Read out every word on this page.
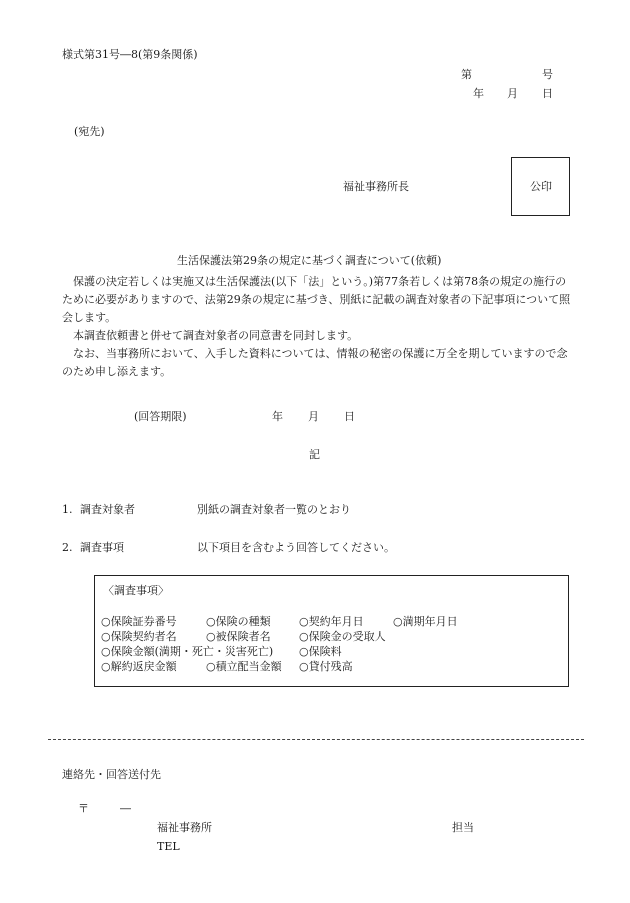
様式第31号―8(第9条関係)
第	号
年 月 日
(宛先)
福祉事務所長	公印
生活保護法第29条の規定に基づく調査について(依頼)
保護の決定若しくは実施又は生活保護法(以下「法」という。)第77条若しくは第78条の規定の施行のために必要がありますので、法第29条の規定に基づき、別紙に記載の調査対象者の下記事項について照会します。
本調査依頼書と併せて調査対象者の同意書を同封します。
なお、当事務所において、入手した資料については、情報の秘密の保護に万全を期していますので念のため申し添えます。
(回答期限)	年 月 日
記
1. 調査対象者	別紙の調査対象者一覧のとおり
2. 調査事項	以下項目を含むよう回答してください。
〈調査事項〉
○保険証券番号	○保険の種類	○契約年月日	○満期年月日
○保険契約者名	○被保険者名	○保険金の受取人
○保険金額(満期・死亡・災害死亡) ○保険料
○解約返戻金額	○積立配当金額 ○貸付残高
連絡先・回答送付先
〒	―
福祉事務所	担当
TEL
